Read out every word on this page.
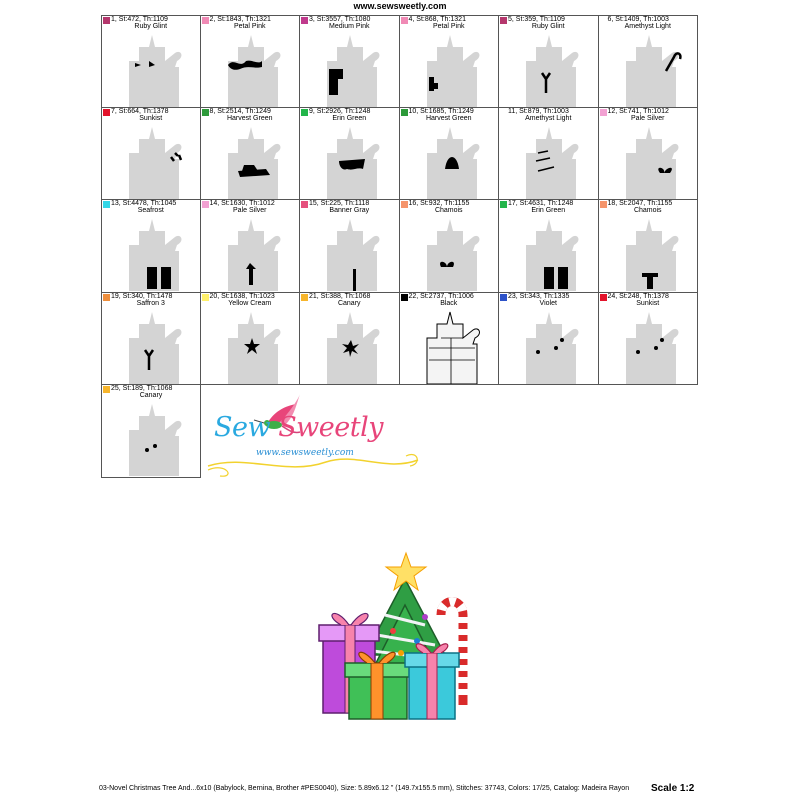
www.sewsweetly.com
1, St:472, Th:1109
Ruby Glint
2, St:1843, Th:1321
Petal Pink
3, St:3557, Th:1080
Medium Pink
4, St:868, Th:1321
Petal Pink
5, St:359, Th:1109
Ruby Glint
6, St:1409, Th:1003
Amethyst Light
7, St:664, Th:1378
Sunkist
8, St:2514, Th:1249
Harvest Green
9, St:2926, Th:1248
Erin Green
10, St:1685, Th:1249
Harvest Green
11, St:879, Th:1003
Amethyst Light
12, St:741, Th:1012
Pale Silver
13, St:4478, Th:1045
Seafrost
14, St:1630, Th:1012
Pale Silver
15, St:225, Th:1118
Banner Gray
16, St:932, Th:1155
Chamois
17, St:4631, Th:1248
Erin Green
18, St:2047, Th:1155
Chamois
19, St:340, Th:1478
Saffron 3
20, St:1638, Th:1023
Yellow Cream
21, St:388, Th:1068
Canary
22, St:2737, Th:1006
Black
23, St:343, Th:1335
Violet
24, St:248, Th:1378
Sunkist
25, St:189, Th:1068
Canary
Sew Sweetly
www.sewsweetly.com
03-Novel Christmas Tree And...6x10 (Babylock, Bernina, Brother #PES0040), Size: 5.89x6.12 " (149.7x155.5 mm), Stitches: 37743, Colors: 17/25, Catalog: Madeira Rayon Scale 1:2
